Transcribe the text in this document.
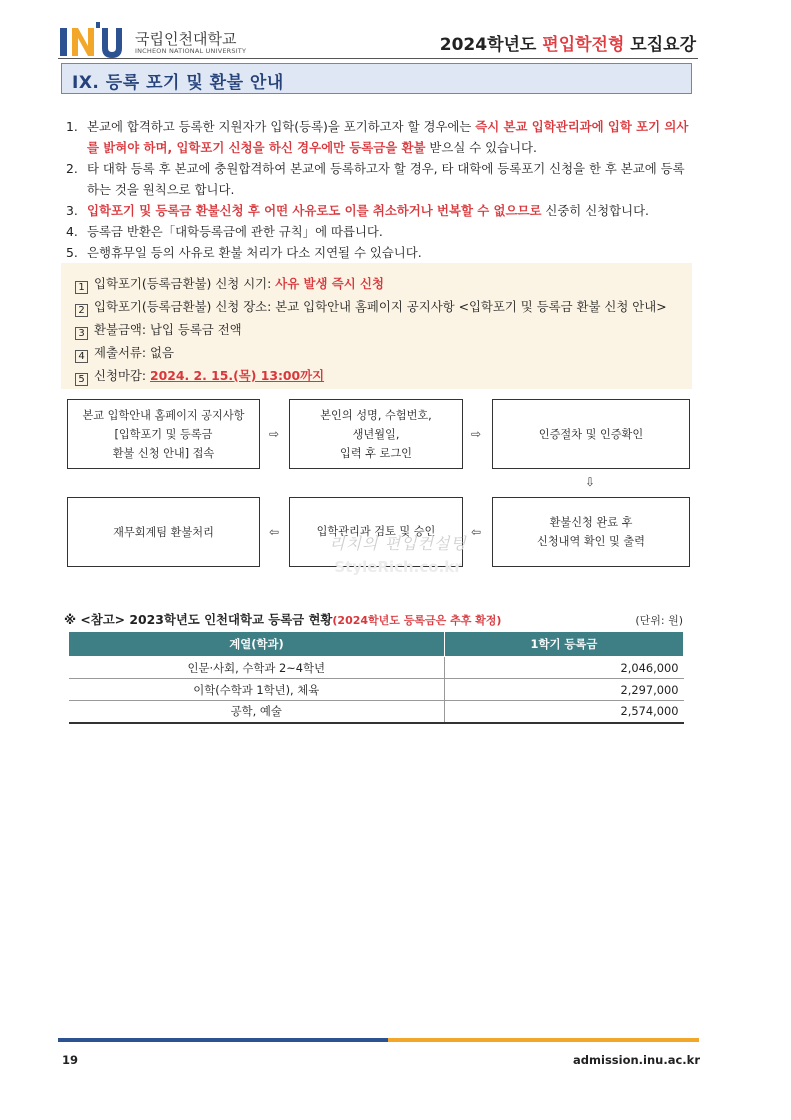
국립인천대학교
INCHEON NATIONAL UNIVERSITY	2024학년도 편입학전형 모집요강
IX. 등록 포기 및 환불 안내
1. 본교에 합격하고 등록한 지원자가 입학(등록)을 포기하고자 할 경우에는 즉시 본교 입학관리과에 입학 포기 의사를 밝혀야 하며, 입학포기 신청을 하신 경우에만 등록금을 환불 받으실 수 있습니다.
2. 타 대학 등록 후 본교에 충원합격하여 본교에 등록하고자 할 경우, 타 대학에 등록포기 신청을 한 후 본교에 등록하는 것을 원칙으로 합니다.
3. 입학포기 및 등록금 환불신청 후 어떤 사유로도 이를 취소하거나 번복할 수 없으므로 신중히 신청합니다.
4. 등록금 반환은「대학등록금에 관한 규칙」에 따릅니다.
5. 은행휴무일 등의 사유로 환불 처리가 다소 지연될 수 있습니다.
1 입학포기(등록금환불) 신청 시기: 사유 발생 즉시 신청
2 입학포기(등록금환불) 신청 장소: 본교 입학안내 홈페이지 공지사항 <입학포기 및 등록금 환불 신청 안내>
3 환불금액: 납입 등록금 전액
4 제출서류: 없음
5 신청마감: 2024. 2. 15.(목) 13:00까지
본교 입학안내 홈페이지 공지사항
[입학포기 및 등록금
환불 신청 안내] 접속
⇨
본인의 성명, 수험번호,
생년월일,
입력 후 로그인
⇨	인증절차 및 인증확인
⇩
환불신청 완료 후
신청내역 확인 및 출력
⇦
입학관리과 검토 및 승인
⇦
재무회계팀 환불처리
리치의 편입컨설팅
StyleRich.co.kr
※ <참고> 2023학년도 인천대학교 등록금 현황(2024학년도 등록금은 추후 확정)	(단위: 원)
계열(학과)	1학기 등록금
인문·사회, 수학과 2~4학년	2,046,000
이학(수학과 1학년), 체육	2,297,000
공학, 예술	2,574,000
19	admission.inu.ac.kr
